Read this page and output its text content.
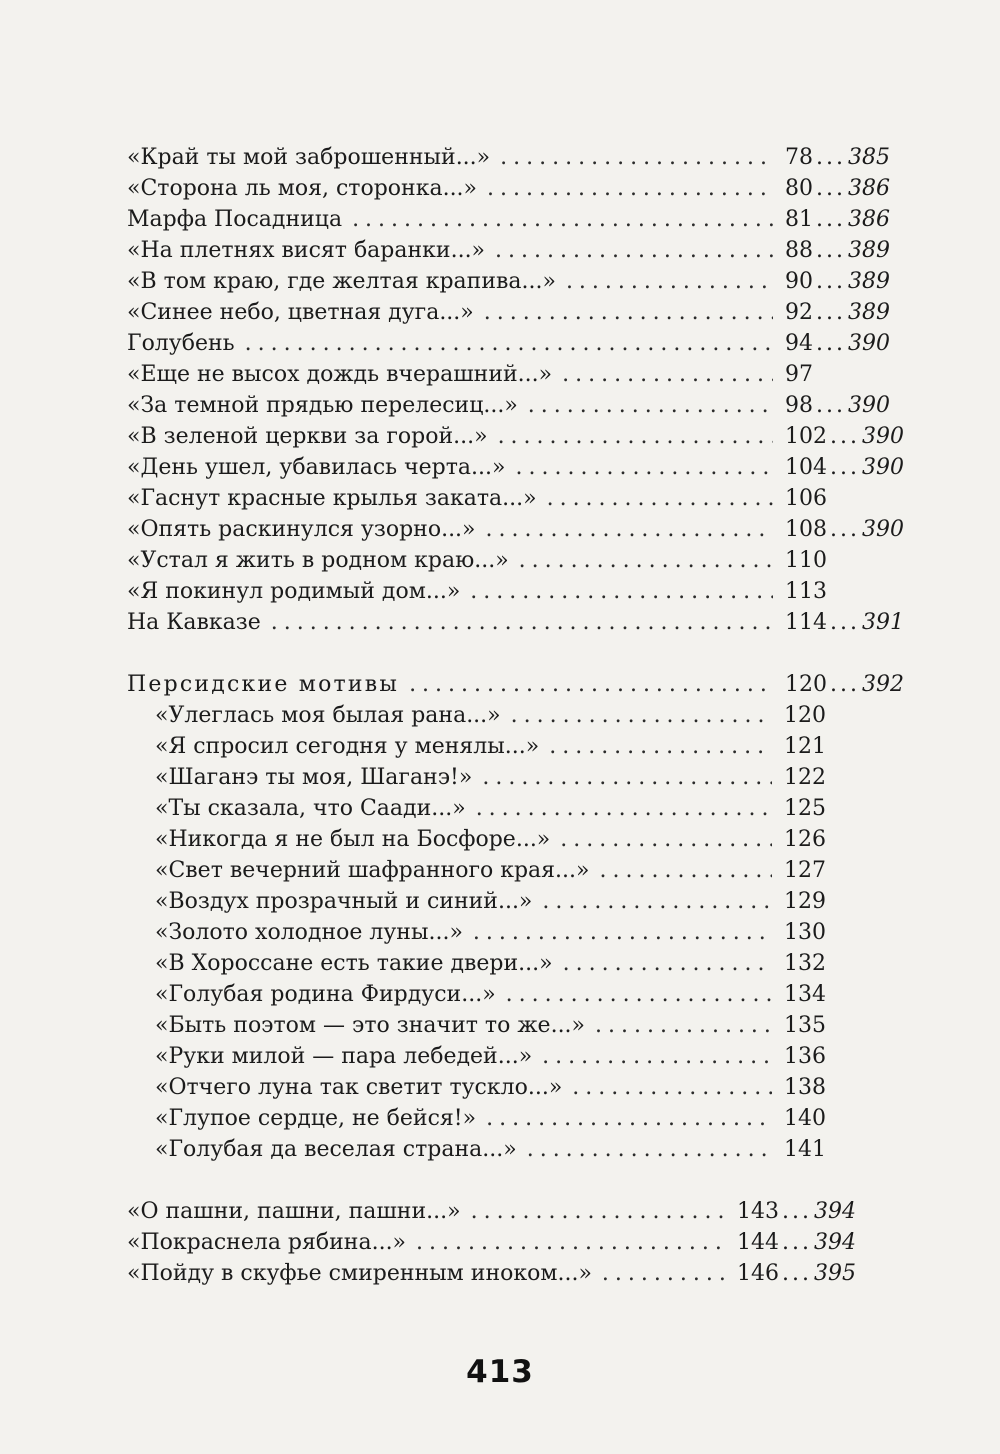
«Край ты мой заброшенный...» .....	78 ...385
«Сторона ль моя, сторонка...» .....	80 ...386
Марфа Посадница .....	81 ...386
«На плетнях висят баранки...» .....	88 ...389
«В том краю, где желтая крапива...» .....	90 ...389
«Синее небо, цветная дуга...» .....	92 ...389
Голубень .....	94 ...390
«Еще не высох дождь вчерашний...» .....	97
«За темной прядью перелесиц...» .....	98 ...390
«В зеленой церкви за горой...» .....	102 ...390
«День ушел, убавилась черта...» .....	104 ...390
«Гаснут красные крылья заката...» .....	106
«Опять раскинулся узорно...» .....	108 ...390
«Устал я жить в родном краю...» .....	110
«Я покинул родимый дом...» .....	113
На Кавказе .....	114 ...391
Персидские мотивы .....	120 ...392
«Улеглась моя былая рана...» .....	120
«Я спросил сегодня у менялы...» .....	121
«Шаганэ ты моя, Шаганэ!» .....	122
«Ты сказала, что Саади...» .....	125
«Никогда я не был на Босфоре...» .....	126
«Свет вечерний шафранного края...» .....	127
«Воздух прозрачный и синий...» .....	129
«Золото холодное луны...» .....	130
«В Хороссане есть такие двери...» .....	132
«Голубая родина Фирдуси...» .....	134
«Быть поэтом — это значит то же...» .....	135
«Руки милой — пара лебедей...» .....	136
«Отчего луна так светит тускло...» .....	138
«Глупое сердце, не бейся!» .....	140
«Голубая да веселая страна...» .....	141
«О пашни, пашни, пашни...» .....	143 ...394
«Покраснела рябина...» .....	144 ...394
«Пойду в скуфье смиренным иноком...» .....	146 ...395
413
